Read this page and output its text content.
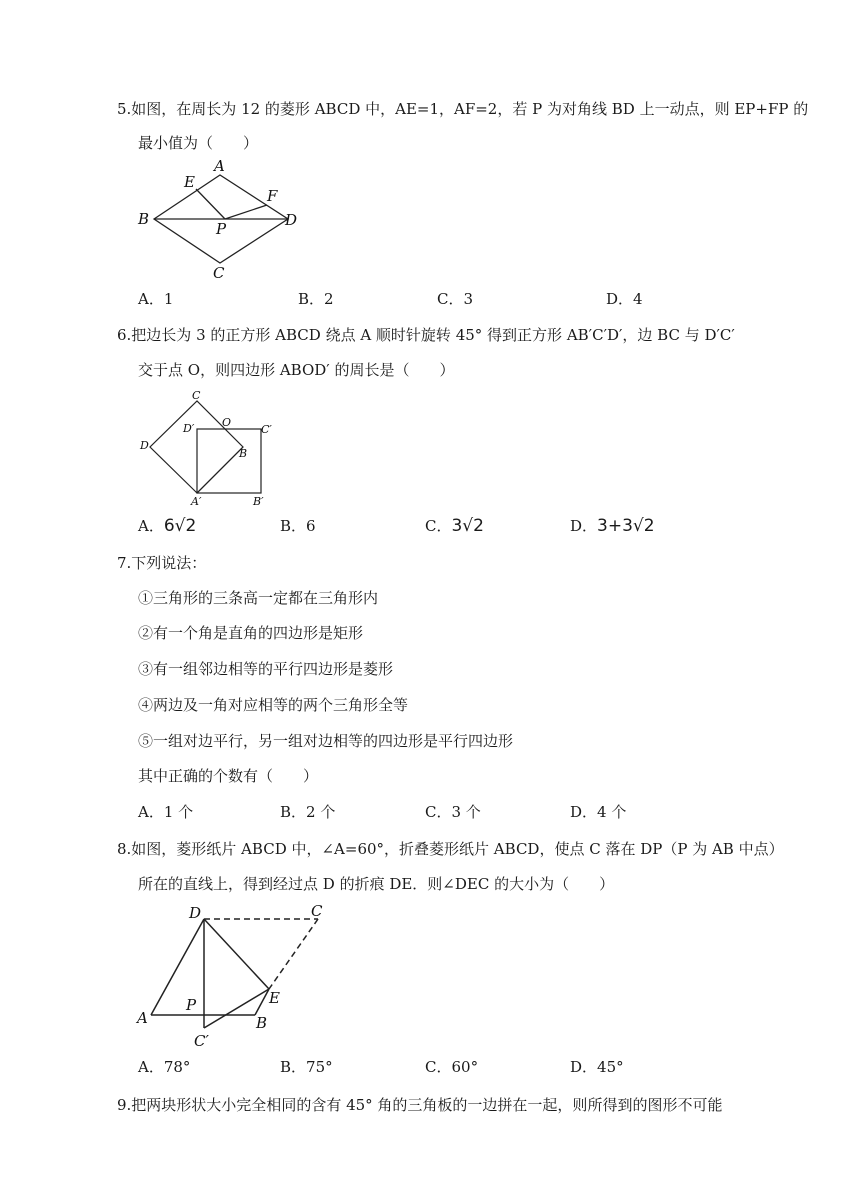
5.如图，在周长为 12 的菱形 ABCD 中，AE=1，AF=2，若 P 为对角线 BD 上一动点，则 EP+FP 的
最小值为（　　）
A
E
F
B	D
P
C
A．1	B．2	C．3	D．4
6.把边长为 3 的正方形 ABCD 绕点 A 顺时针旋转 45° 得到正方形 AB′C′D′，边 BC 与 D′C′
交于点 O，则四边形 ABOD′ 的周长是（　　）
C
D
D′	O
C′
B
A′	B′
A．6√2	B．6	C．3√2	D．3+3√2
7.下列说法：
①三角形的三条高一定都在三角形内
②有一个角是直角的四边形是矩形
③有一组邻边相等的平行四边形是菱形
④两边及一角对应相等的两个三角形全等
⑤一组对边平行，另一组对边相等的四边形是平行四边形
其中正确的个数有（　　）
A．1 个	B．2 个	C．3 个	D．4 个
8.如图，菱形纸片 ABCD 中，∠A=60°，折叠菱形纸片 ABCD，使点 C 落在 DP（P 为 AB 中点）
所在的直线上，得到经过点 D 的折痕 DE．则∠DEC 的大小为（　　）
D	C
P	E
A	B
C′
A．78°	B．75°	C．60°	D．45°
9.把两块形状大小完全相同的含有 45° 角的三角板的一边拼在一起，则所得到的图形不可能
